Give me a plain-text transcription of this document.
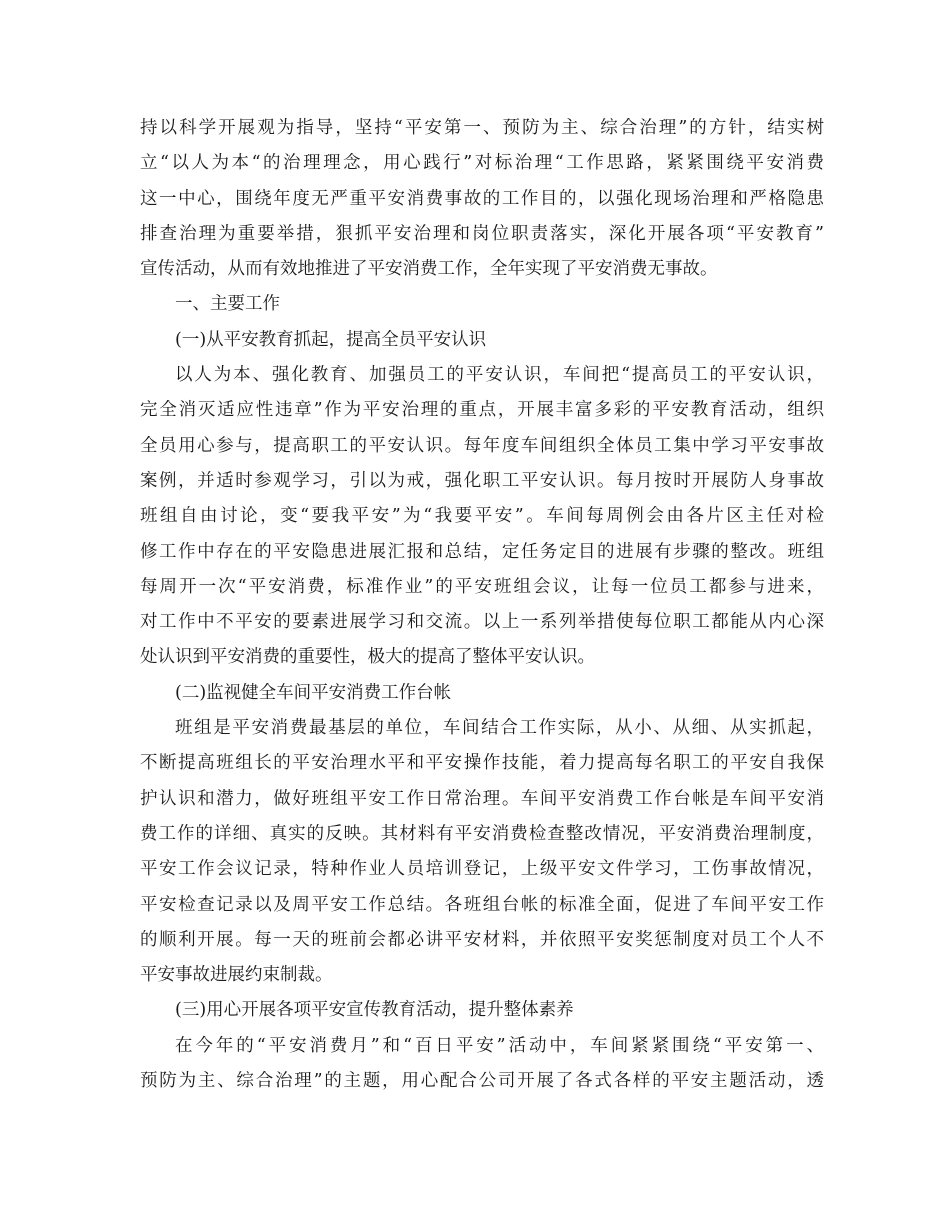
持以科学开展观为指导，坚持“平安第一、预防为主、综合治理”的方针，结实树
立“以人为本“的治理理念，用心践行”对标治理“工作思路，紧紧围绕平安消费
这一中心，围绕年度无严重平安消费事故的工作目的，以强化现场治理和严格隐患
排查治理为重要举措，狠抓平安治理和岗位职责落实，深化开展各项“平安教育”
宣传活动，从而有效地推进了平安消费工作，全年实现了平安消费无事故。
一、主要工作
(一)从平安教育抓起，提高全员平安认识
以人为本、强化教育、加强员工的平安认识，车间把“提高员工的平安认识，
完全消灭适应性违章”作为平安治理的重点，开展丰富多彩的平安教育活动，组织
全员用心参与，提高职工的平安认识。每年度车间组织全体员工集中学习平安事故
案例，并适时参观学习，引以为戒，强化职工平安认识。每月按时开展防人身事故
班组自由讨论，变“要我平安”为“我要平安”。车间每周例会由各片区主任对检
修工作中存在的平安隐患进展汇报和总结，定任务定目的进展有步骤的整改。班组
每周开一次“平安消费，标准作业”的平安班组会议，让每一位员工都参与进来，
对工作中不平安的要素进展学习和交流。以上一系列举措使每位职工都能从内心深
处认识到平安消费的重要性，极大的提高了整体平安认识。
(二)监视健全车间平安消费工作台帐
班组是平安消费最基层的单位，车间结合工作实际，从小、从细、从实抓起，
不断提高班组长的平安治理水平和平安操作技能，着力提高每名职工的平安自我保
护认识和潜力，做好班组平安工作日常治理。车间平安消费工作台帐是车间平安消
费工作的详细、真实的反映。其材料有平安消费检查整改情况，平安消费治理制度，
平安工作会议记录，特种作业人员培训登记，上级平安文件学习，工伤事故情况，
平安检查记录以及周平安工作总结。各班组台帐的标准全面，促进了车间平安工作
的顺利开展。每一天的班前会都必讲平安材料，并依照平安奖惩制度对员工个人不
平安事故进展约束制裁。
(三)用心开展各项平安宣传教育活动，提升整体素养
在今年的“平安消费月”和“百日平安”活动中，车间紧紧围绕“平安第一、
预防为主、综合治理”的主题，用心配合公司开展了各式各样的平安主题活动，透
